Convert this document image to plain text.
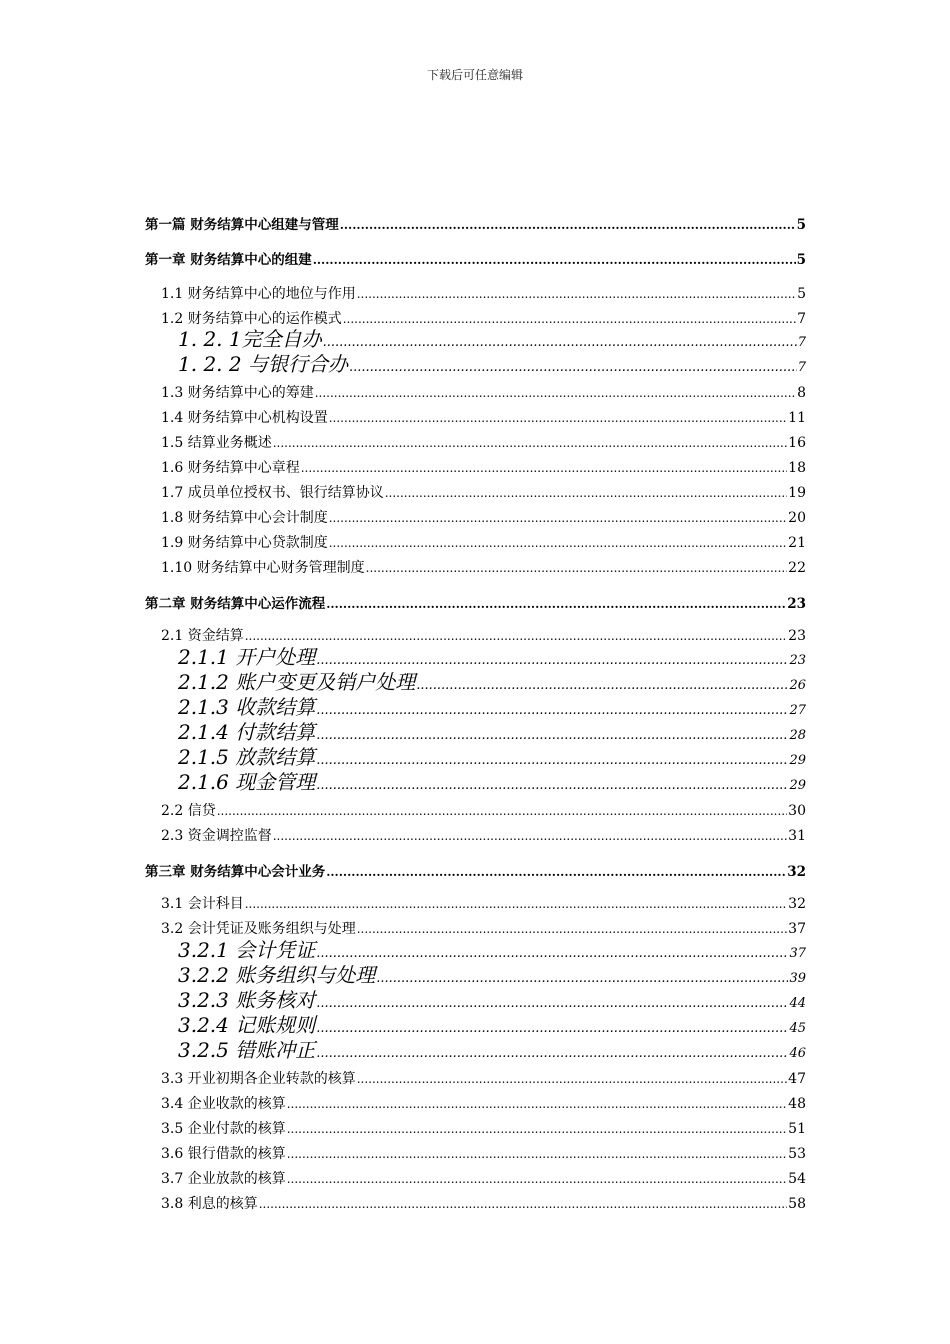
下载后可任意编辑
第一篇 财务结算中心组建与管理 .....	5
第一章 财务结算中心的组建 .....	5
1.1 财务结算中心的地位与作用 .....	5
1.2 财务结算中心的运作模式 .....	7
1. 2. 1完全自办 .....	7
1. 2. 2 与银行合办 .....	7
1.3 财务结算中心的筹建 .....	8
1.4 财务结算中心机构设置 .....	11
1.5 结算业务概述 .....	16
1.6 财务结算中心章程 .....	18
1.7 成员单位授权书、银行结算协议 .....	19
1.8 财务结算中心会计制度 .....	20
1.9 财务结算中心贷款制度 .....	21
1.10 财务结算中心财务管理制度 .....	22
第二章 财务结算中心运作流程 .....	23
2.1 资金结算 .....	23
2.1.1 开户处理 .....	23
2.1.2 账户变更及销户处理 .....	26
2.1.3 收款结算 .....	27
2.1.4 付款结算 .....	28
2.1.5 放款结算 .....	29
2.1.6 现金管理 .....	29
2.2 信贷 .....	30
2.3 资金调控监督 .....	31
第三章 财务结算中心会计业务 .....	32
3.1 会计科目 .....	32
3.2 会计凭证及账务组织与处理 .....	37
3.2.1 会计凭证 .....	37
3.2.2 账务组织与处理 .....	39
3.2.3 账务核对 .....	44
3.2.4 记账规则 .....	45
3.2.5 错账冲正 .....	46
3.3 开业初期各企业转款的核算 .....	47
3.4 企业收款的核算 .....	48
3.5 企业付款的核算 .....	51
3.6 银行借款的核算 .....	53
3.7 企业放款的核算 .....	54
3.8 利息的核算 .....	58
